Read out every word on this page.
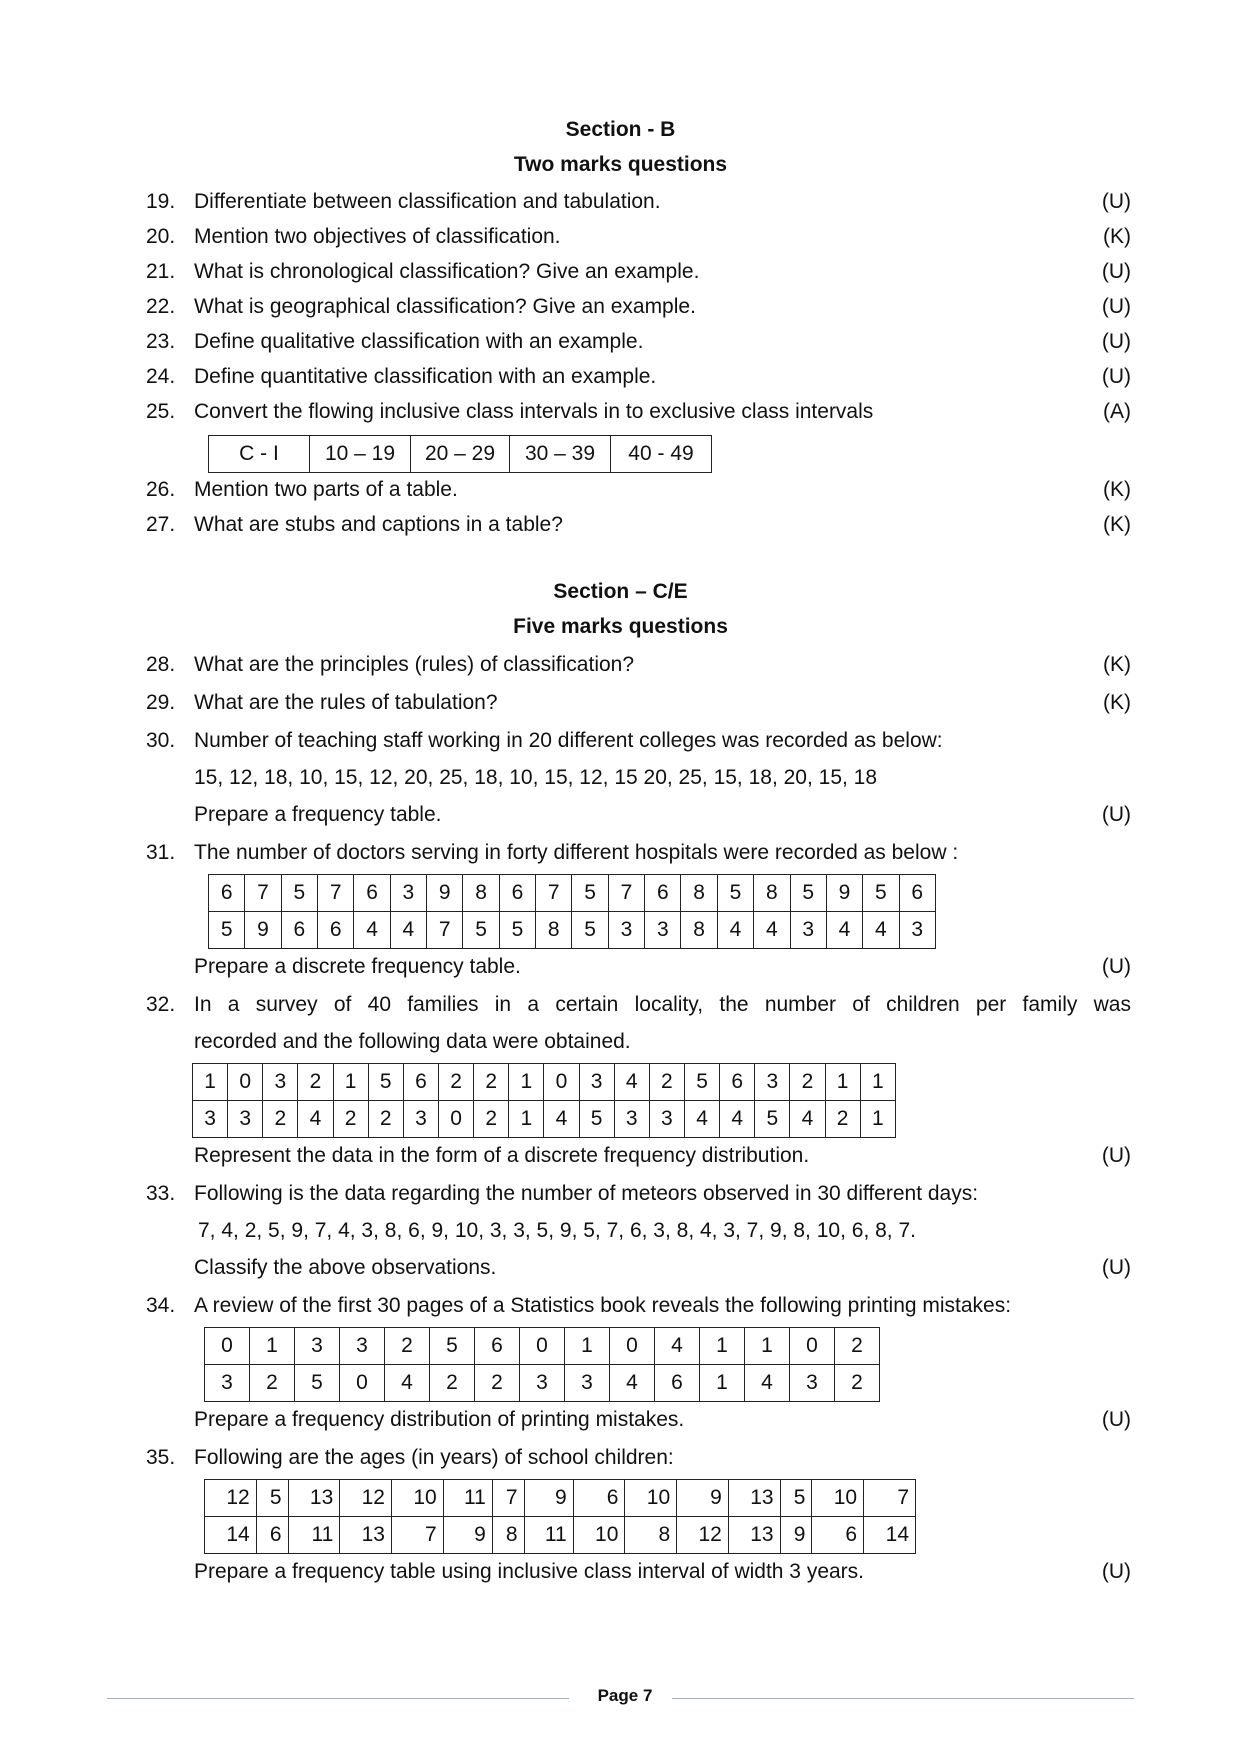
Section - B
Two marks questions
19. Differentiate between classification and tabulation.	(U)
20. Mention two objectives of classification.	(K)
21. What is chronological classification? Give an example.	(U)
22. What is geographical classification? Give an example.	(U)
23. Define qualitative classification with an example.	(U)
24. Define quantitative classification with an example.	(U)
25. Convert the flowing inclusive class intervals in to exclusive class intervals	(A)
C - I	10 – 19	20 – 29	30 – 39	40 - 49
26. Mention two parts of a table.	(K)
27. What are stubs and captions in a table?	(K)
Section – C/E
Five marks questions
28. What are the principles (rules) of classification?	(K)
29. What are the rules of tabulation?	(K)
30. Number of teaching staff working in 20 different colleges was recorded as below:
15, 12, 18, 10, 15, 12, 20, 25, 18, 10, 15, 12, 15 20, 25, 15, 18, 20, 15, 18
Prepare a frequency table.	(U)
31. The number of doctors serving in forty different hospitals were recorded as below :
6	7	5	7	6	3	9	8	6	7	5	7	6	8	5	8	5	9	5	6
5	9	6	6	4	4	7	5	5	8	5	3	3	8	4	4	3	4	4	3
Prepare a discrete frequency table.	(U)
32. In a survey of 40 families in a certain locality, the number of children per family was
recorded and the following data were obtained.
1	0	3	2	1	5	6	2	2	1	0	3	4	2	5	6	3	2	1	1
3	3	2	4	2	2	3	0	2	1	4	5	3	3	4	4	5	4	2	1
Represent the data in the form of a discrete frequency distribution.	(U)
33. Following is the data regarding the number of meteors observed in 30 different days:
7, 4, 2, 5, 9, 7, 4, 3, 8, 6, 9, 10, 3, 3, 5, 9, 5, 7, 6, 3, 8, 4, 3, 7, 9, 8, 10, 6, 8, 7.
Classify the above observations.	(U)
34. A review of the first 30 pages of a Statistics book reveals the following printing mistakes:
0	1	3	3	2	5	6	0	1	0	4	1	1	0	2
3	2	5	0	4	2	2	3	3	4	6	1	4	3	2
Prepare a frequency distribution of printing mistakes.	(U)
35. Following are the ages (in years) of school children:
12	5	13	12	10	11	7	9	6	10	9	13	5	10	7
14	6	11	13	7	9	8	11	10	8	12	13	9	6	14
Prepare a frequency table using inclusive class interval of width 3 years.	(U)
Page 7
